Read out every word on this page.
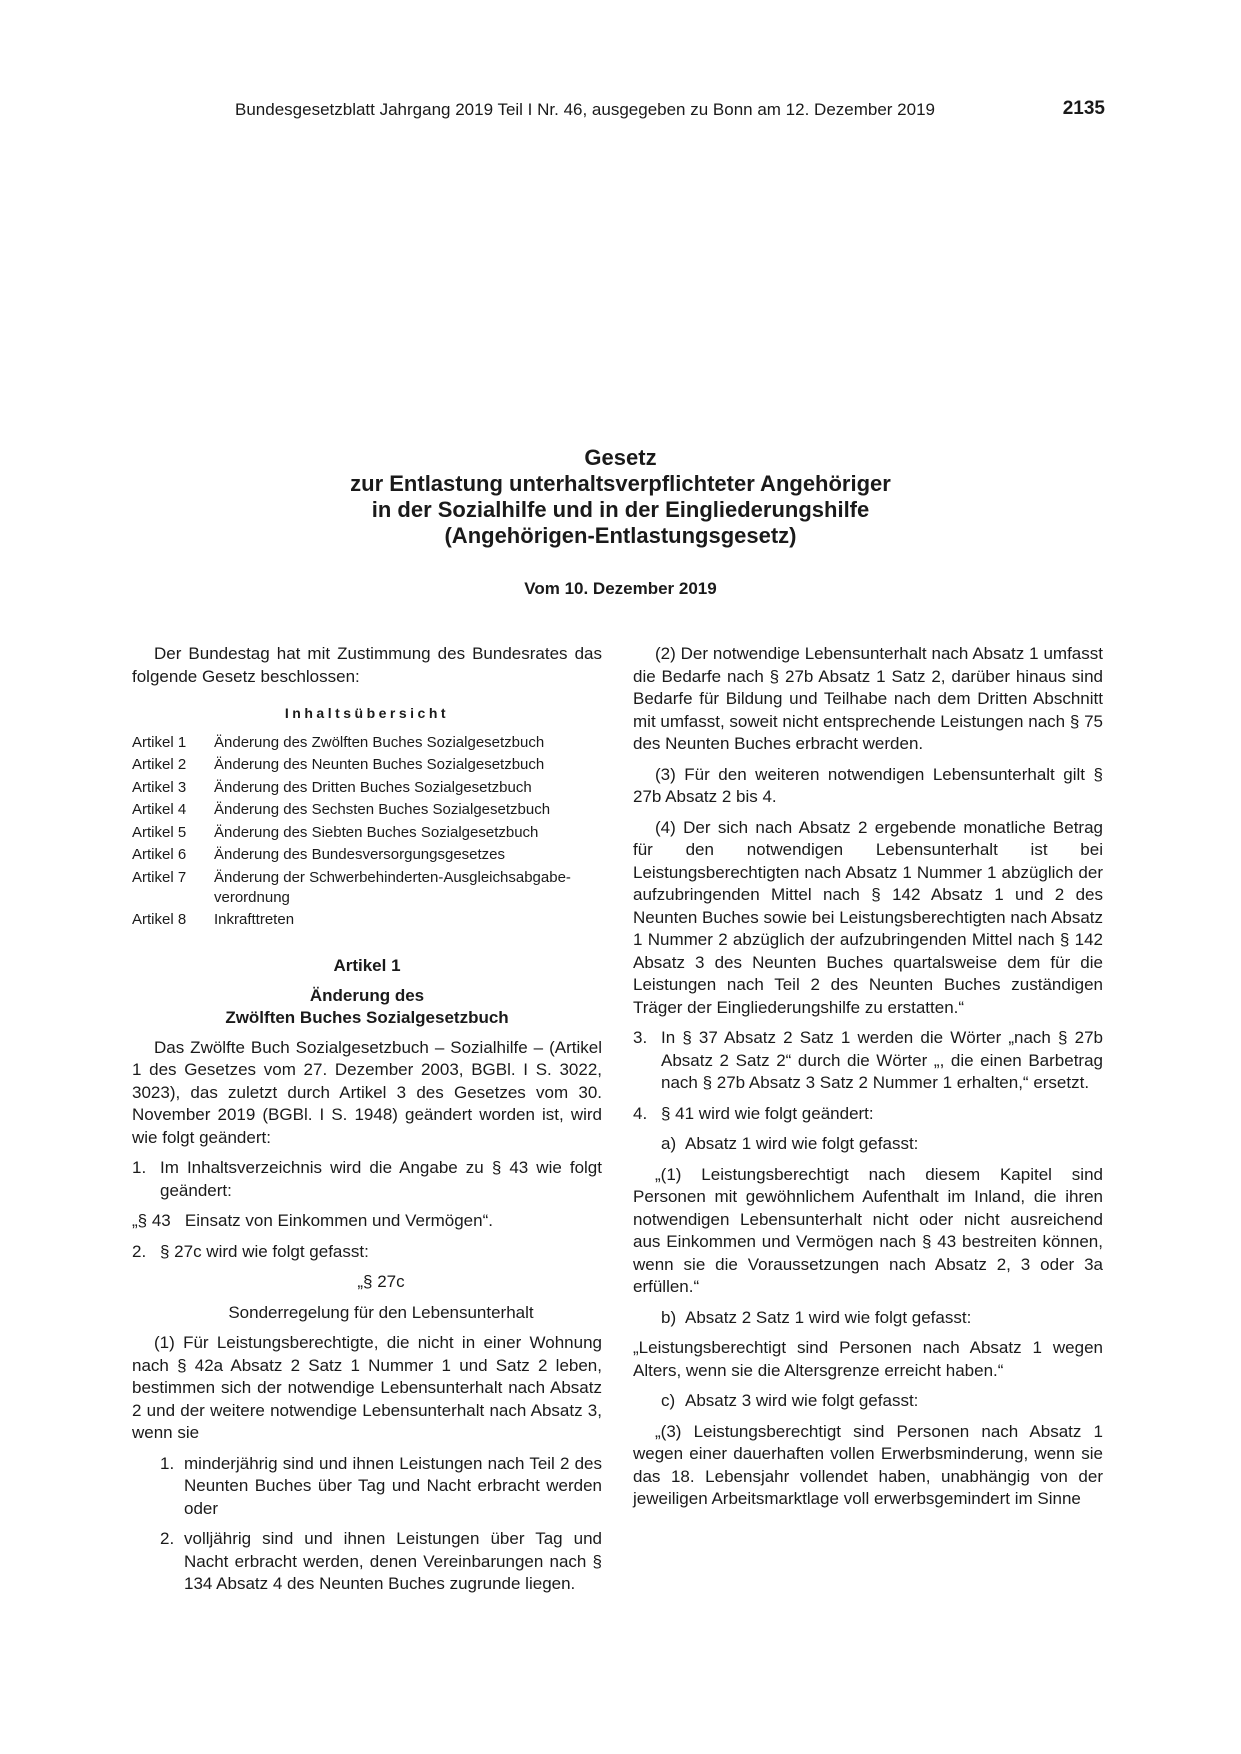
Bundesgesetzblatt Jahrgang 2019 Teil I Nr. 46, ausgegeben zu Bonn am 12. Dezember 2019	2135
Gesetz
zur Entlastung unterhaltsverpflichteter Angehöriger
in der Sozialhilfe und in der Eingliederungshilfe
(Angehörigen-Entlastungsgesetz)
Vom 10. Dezember 2019

Der Bundestag hat mit Zustimmung des Bundesrates das folgende Gesetz beschlossen:

Inhaltsübersicht
Artikel 1	Änderung des Zwölften Buches Sozialgesetzbuch
Artikel 2	Änderung des Neunten Buches Sozialgesetzbuch
Artikel 3	Änderung des Dritten Buches Sozialgesetzbuch
Artikel 4	Änderung des Sechsten Buches Sozialgesetzbuch
Artikel 5	Änderung des Siebten Buches Sozialgesetzbuch
Artikel 6	Änderung des Bundesversorgungsgesetzes
Artikel 7	Änderung der Schwerbehinderten-Ausgleichsabgabe-verordnung
Artikel 8	Inkrafttreten
Artikel 1
Änderung des
Zwölften Buches Sozialgesetzbuch

Das Zwölfte Buch Sozialgesetzbuch – Sozialhilfe – (Artikel 1 des Gesetzes vom 27. Dezember 2003, BGBl. I S. 3022, 3023), das zuletzt durch Artikel 3 des Gesetzes vom 30. November 2019 (BGBl. I S. 1948) geändert worden ist, wird wie folgt geändert:

1. Im Inhaltsverzeichnis wird die Angabe zu § 43 wie folgt geändert:

„§ 43   Einsatz von Einkommen und Vermögen“.

2. § 27c wird wie folgt gefasst:

„§ 27c

Sonderregelung für den Lebensunterhalt

(1) Für Leistungsberechtigte, die nicht in einer Wohnung nach § 42a Absatz 2 Satz 1 Nummer 1 und Satz 2 leben, bestimmen sich der notwendige Lebensunterhalt nach Absatz 2 und der weitere notwendige Lebensunterhalt nach Absatz 3, wenn sie

1. minderjährig sind und ihnen Leistungen nach Teil 2 des Neunten Buches über Tag und Nacht erbracht werden oder
2. volljährig sind und ihnen Leistungen über Tag und Nacht erbracht werden, denen Vereinbarungen nach § 134 Absatz 4 des Neunten Buches zugrunde liegen.

(2) Der notwendige Lebensunterhalt nach Absatz 1 umfasst die Bedarfe nach § 27b Absatz 1 Satz 2, darüber hinaus sind Bedarfe für Bildung und Teilhabe nach dem Dritten Abschnitt mit umfasst, soweit nicht entsprechende Leistungen nach § 75 des Neunten Buches erbracht werden.

(3) Für den weiteren notwendigen Lebensunterhalt gilt § 27b Absatz 2 bis 4.

(4) Der sich nach Absatz 2 ergebende monatliche Betrag für den notwendigen Lebensunterhalt ist bei Leistungsberechtigten nach Absatz 1 Nummer 1 abzüglich der aufzubringenden Mittel nach § 142 Absatz 1 und 2 des Neunten Buches sowie bei Leistungsberechtigten nach Absatz 1 Nummer 2 abzüglich der aufzubringenden Mittel nach § 142 Absatz 3 des Neunten Buches quartalsweise dem für die Leistungen nach Teil 2 des Neunten Buches zuständigen Träger der Eingliederungshilfe zu erstatten.“

3. In § 37 Absatz 2 Satz 1 werden die Wörter „nach § 27b Absatz 2 Satz 2“ durch die Wörter „, die einen Barbetrag nach § 27b Absatz 3 Satz 2 Nummer 1 erhalten,“ ersetzt.
4. § 41 wird wie folgt geändert:
a) Absatz 1 wird wie folgt gefasst:

„(1) Leistungsberechtigt nach diesem Kapitel sind Personen mit gewöhnlichem Aufenthalt im Inland, die ihren notwendigen Lebensunterhalt nicht oder nicht ausreichend aus Einkommen und Vermögen nach § 43 bestreiten können, wenn sie die Voraussetzungen nach Absatz 2, 3 oder 3a erfüllen.“

b) Absatz 2 Satz 1 wird wie folgt gefasst:

„Leistungsberechtigt sind Personen nach Absatz 1 wegen Alters, wenn sie die Altersgrenze erreicht haben.“

c) Absatz 3 wird wie folgt gefasst:

„(3) Leistungsberechtigt sind Personen nach Absatz 1 wegen einer dauerhaften vollen Erwerbsminderung, wenn sie das 18. Lebensjahr vollendet haben, unabhängig von der jeweiligen Arbeitsmarktlage voll erwerbsgemindert im Sinne
